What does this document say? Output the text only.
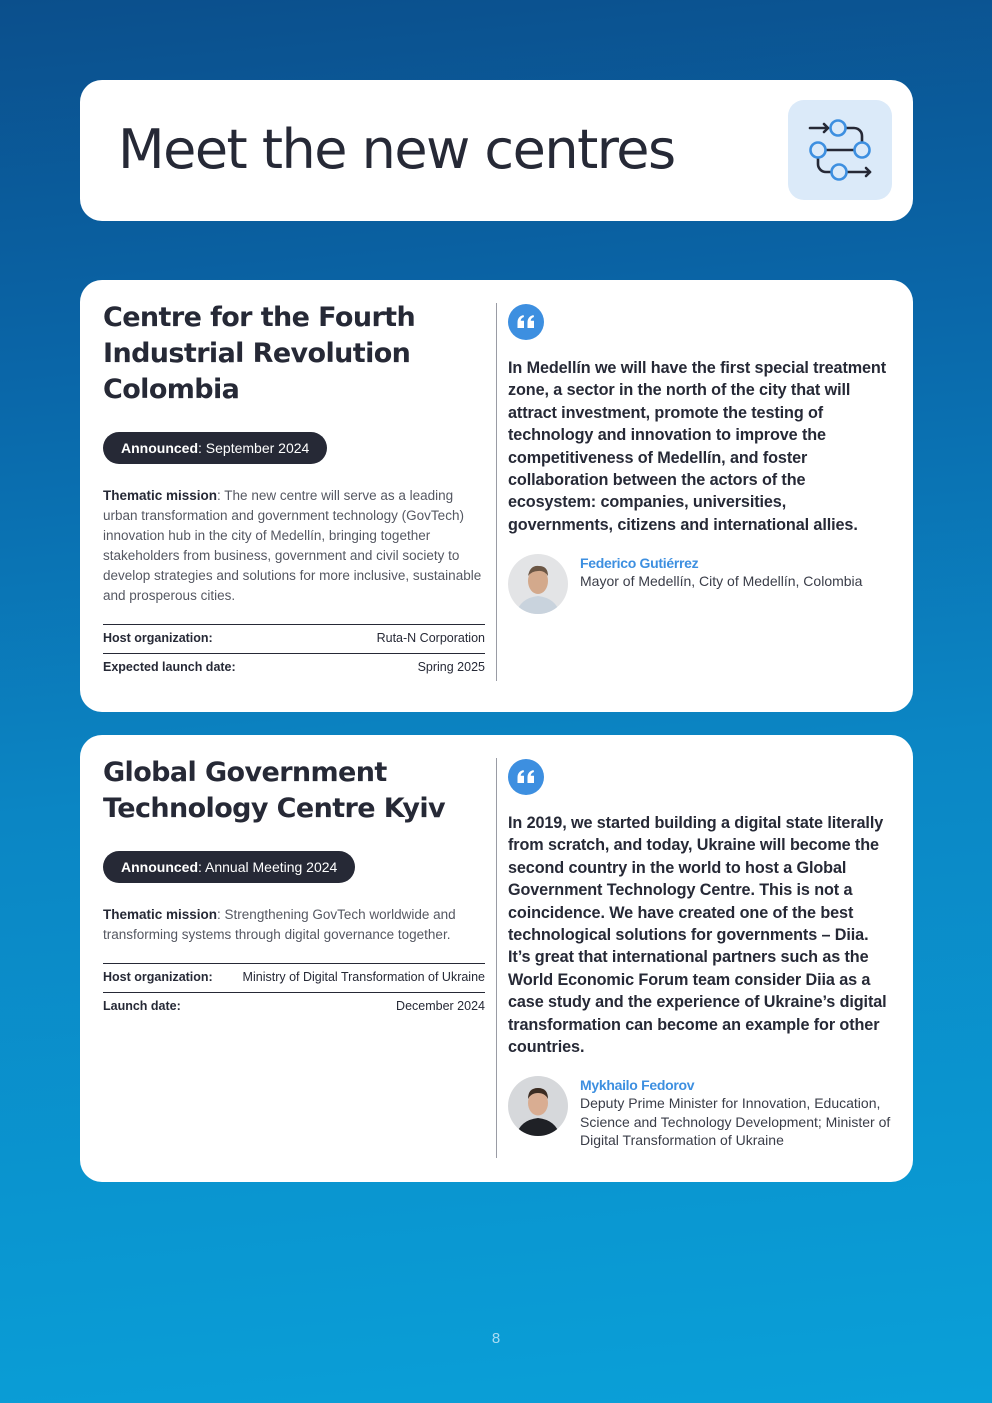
Meet the new centres
Centre for the Fourth
Industrial Revolution
Colombia
Announced: September 2024
Thematic mission: The new centre will serve as a leading urban transformation and government technology (GovTech) innovation hub in the city of Medellín, bringing together stakeholders from business, government and civil society to develop strategies and solutions for more inclusive, sustainable and prosperous cities.
Host organization:	Ruta-N Corporation
Expected launch date:	Spring 2025
In Medellín we will have the first special treatment zone, a sector in the north of the city that will attract investment, promote the testing of technology and innovation to improve the competitiveness of Medellín, and foster collaboration between the actors of the ecosystem: companies, universities, governments, citizens and international allies.
Federico Gutiérrez
Mayor of Medellín, City of Medellín, Colombia
Global Government
Technology Centre Kyiv
Announced: Annual Meeting 2024
Thematic mission: Strengthening GovTech worldwide and transforming systems through digital governance together.
Host organization: Ministry of Digital Transformation of Ukraine
Launch date:	December 2024
In 2019, we started building a digital state literally from scratch, and today, Ukraine will become the second country in the world to host a Global Government Technology Centre. This is not a coincidence. We have created one of the best technological solutions for governments – Diia. It’s great that international partners such as the World Economic Forum team consider Diia as a case study and the experience of Ukraine’s digital transformation can become an example for other countries.
Mykhailo Fedorov
Deputy Prime Minister for Innovation, Education, Science and Technology Development; Minister of Digital Transformation of Ukraine
8
